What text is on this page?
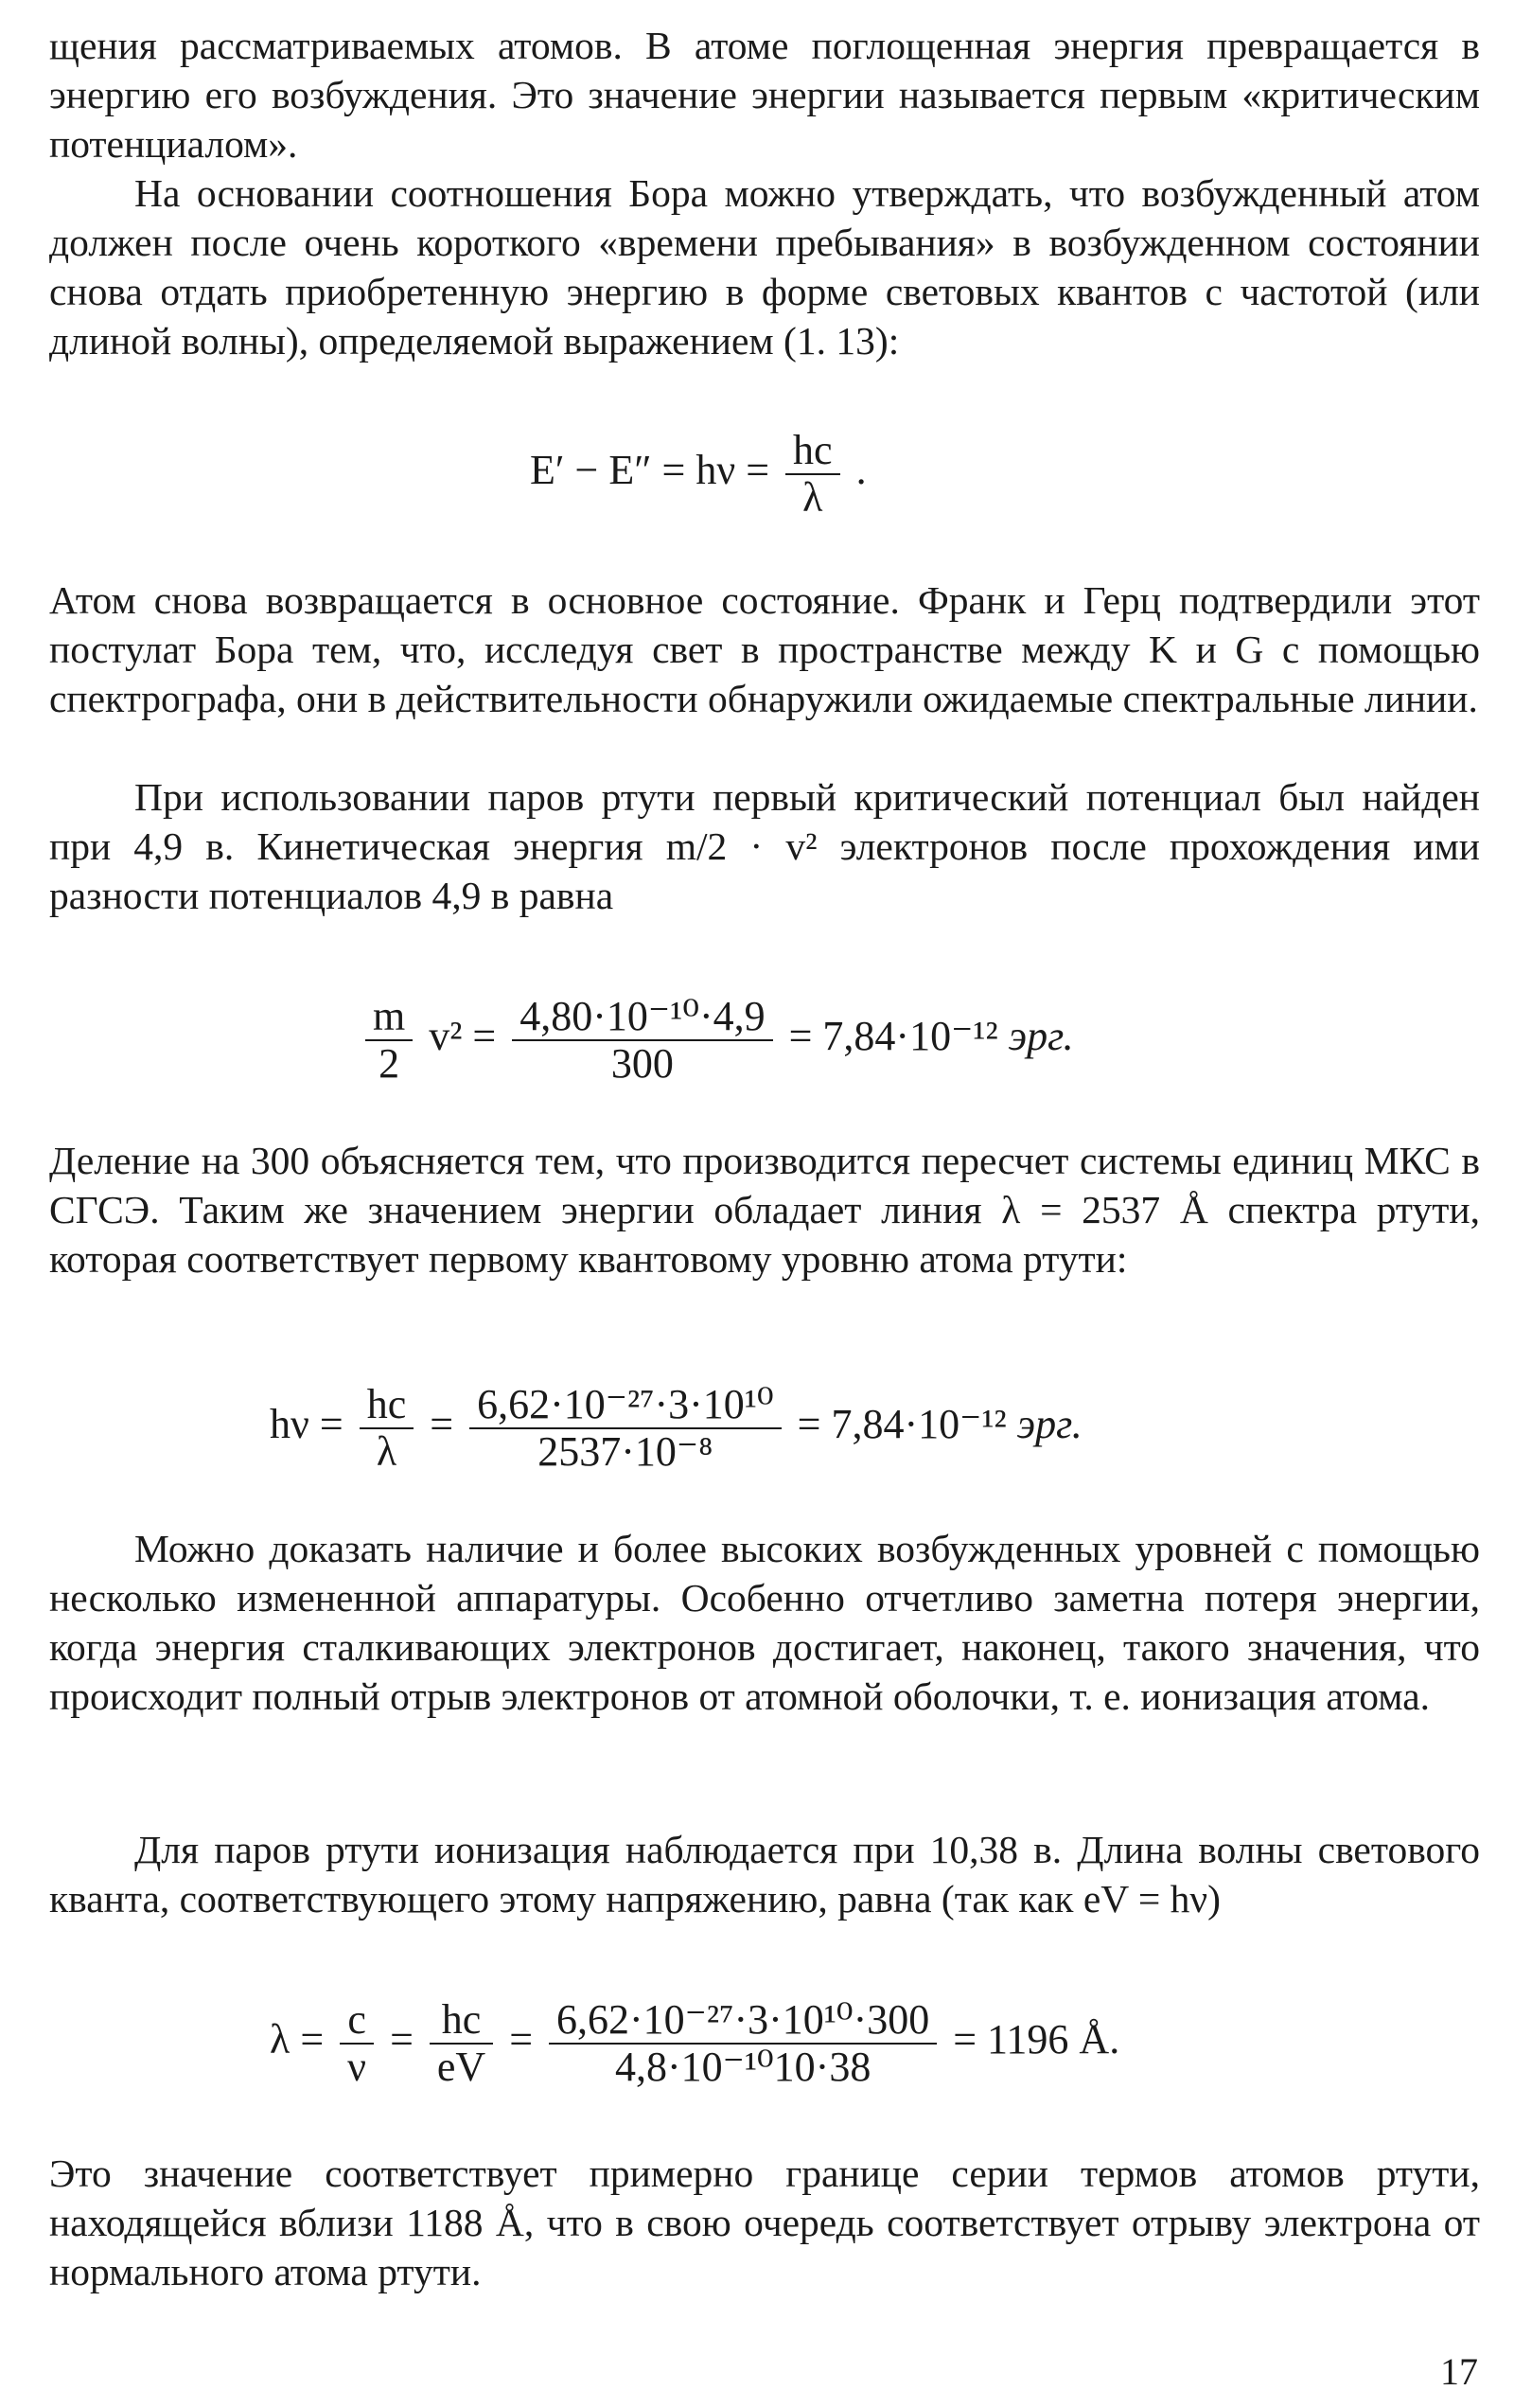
щения рассматриваемых атомов. В атоме поглощенная энергия превращается в энергию его возбуждения. Это значение энергии называется первым «критическим потенциалом».

На основании соотношения Бора можно утверждать, что возбужденный атом должен после очень короткого «времени пребывания» в возбужденном состоянии снова отдать приобретенную энергию в форме световых квантов с частотой (или длиной волны), определяемой выражением (1. 13):

$E' - E'' = h\nu = \frac{hc}{\lambda}$ .

Атом снова возвращается в основное состояние. Франк и Герц подтвердили этот постулат Бора тем, что, исследуя свет в пространстве между K и G с помощью спектрографа, они в действительности обнаружили ожидаемые спектральные линии.

При использовании паров ртути первый критический потенциал был найден при 4,9 в. Кинетическая энергия m/2 · v² электронов после прохождения ими разности потенциалов 4,9 в равна

$\frac{m}{2} v^2 = \frac{\text{4,80·10⁻¹⁰·4,9}}{300} = 7,84\cdot 10^{-12}$ эрг.

Деление на 300 объясняется тем, что производится пересчет системы единиц МКС в СГСЭ. Таким же значением энергии обладает линия λ = 2537 Å спектра ртути, которая соответствует первому квантовому уровню атома ртути:

$h\nu = \frac{hc}{\lambda} = \frac{\text{6,62·10⁻²⁷·3·10¹⁰}}{\text{2537·10⁻⁸}} = 7,84\cdot 10^{-12}$ эрг.

Можно доказать наличие и более высоких возбужденных уровней с помощью несколько измененной аппаратуры. Особенно отчетливо заметна потеря энергии, когда энергия сталкивающих электронов достигает, наконец, такого значения, что происходит полный отрыв электронов от атомной оболочки, т. е. ионизация атома.

Для паров ртути ионизация наблюдается при 10,38 в. Длина волны светового кванта, соответствующего этому напряжению, равна (так как eV = hν)

$\lambda = \frac{c}{\nu} = \frac{hc}{eV} = \frac{\text{6,62·10⁻²⁷·3·10¹⁰·300}}{\text{4,8·10⁻¹⁰10·38}} = 1196$ Å.

Это значение соответствует примерно границе серии термов атомов ртути, находящейся вблизи 1188 Å, что в свою очередь соответствует отрыву электрона от нормального атома ртути.

17
